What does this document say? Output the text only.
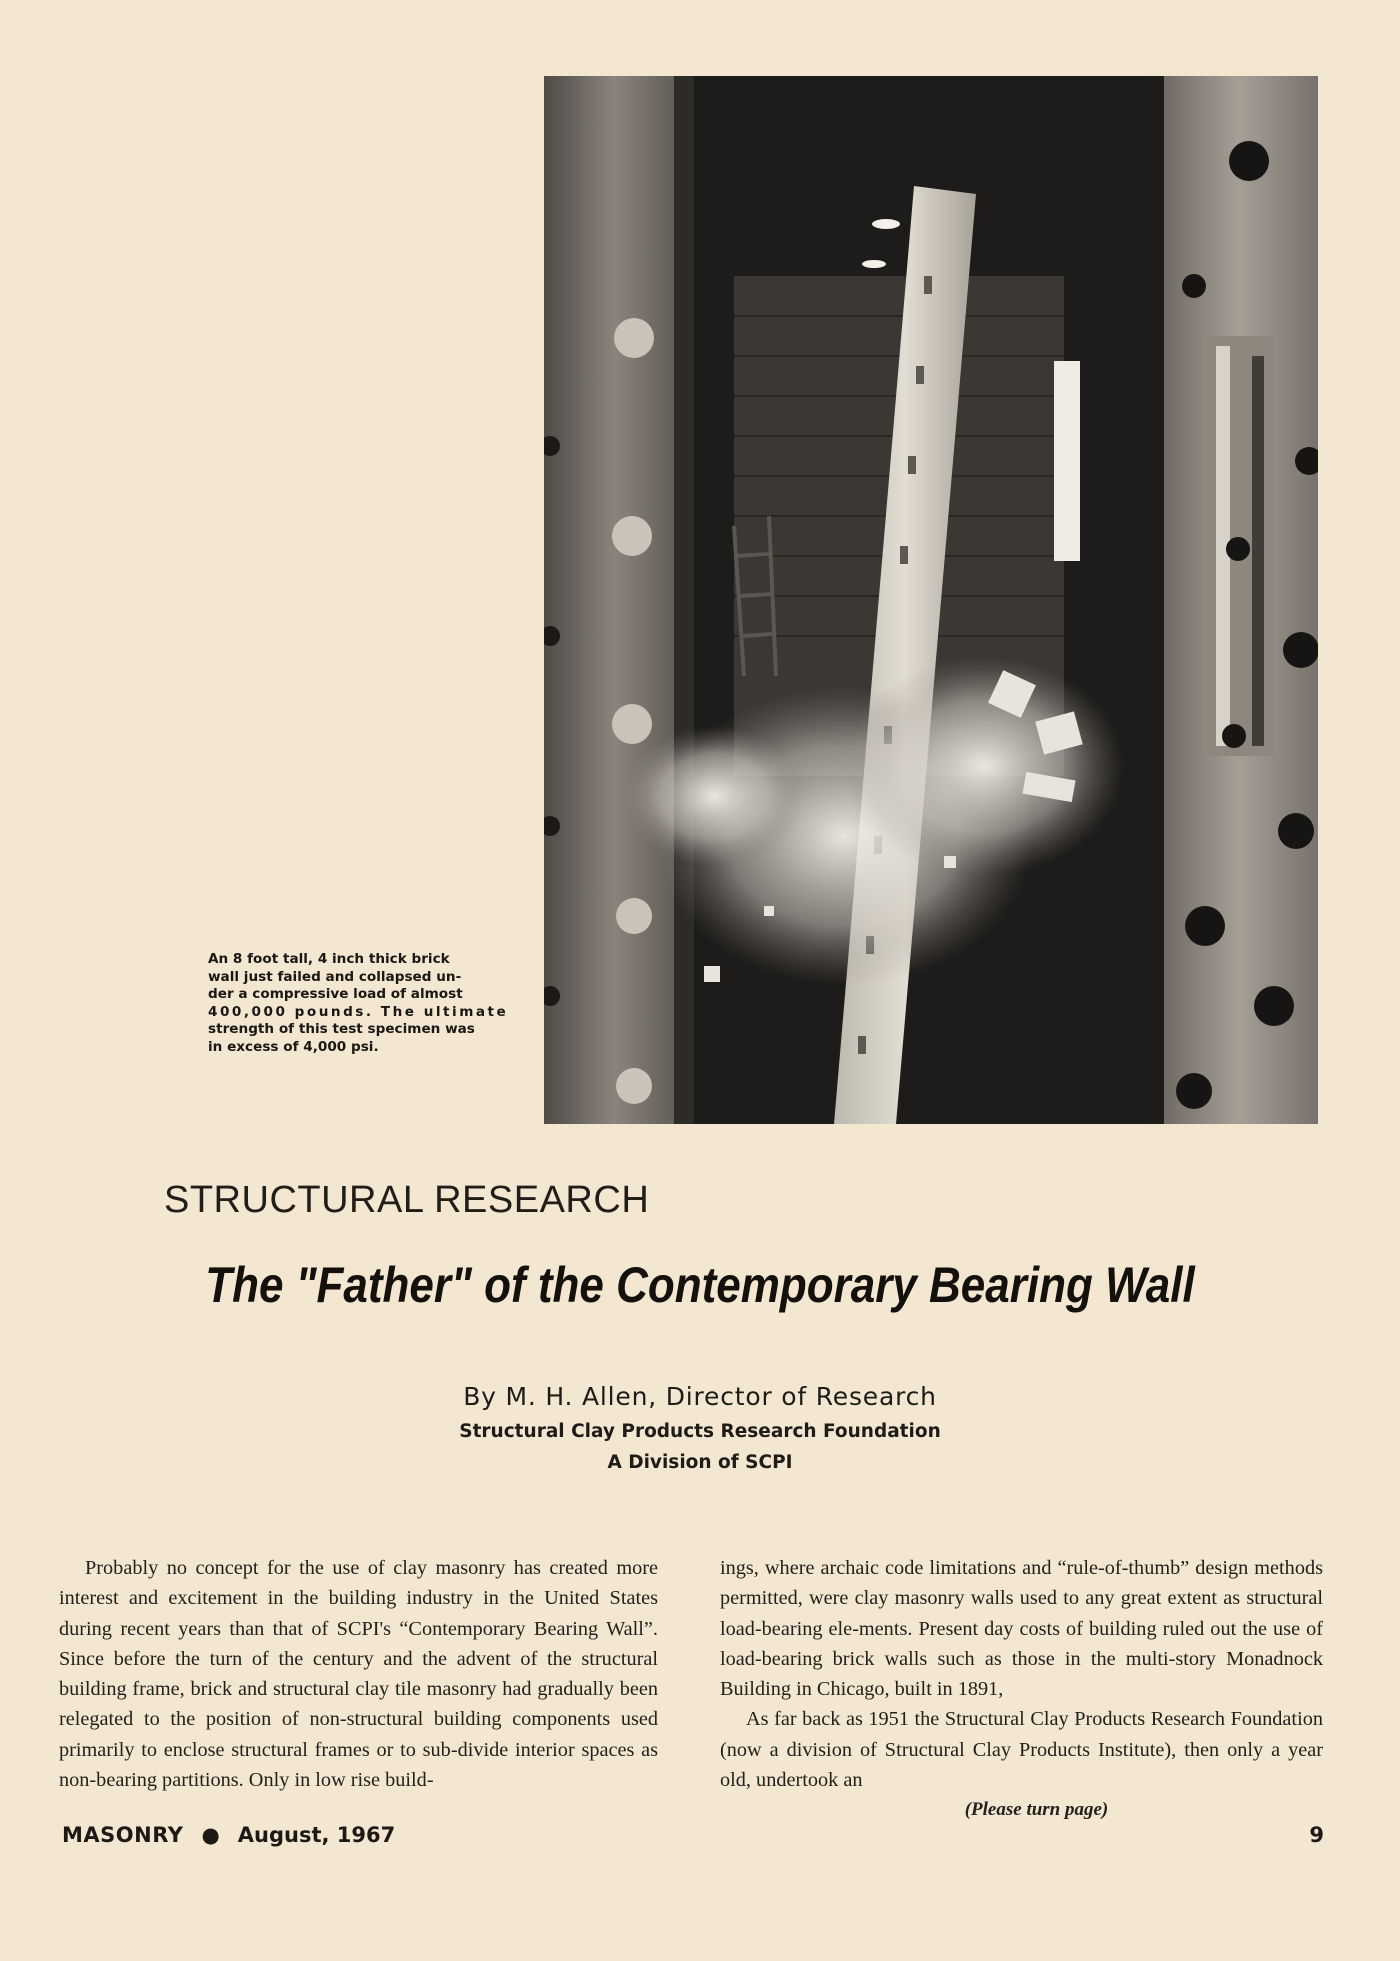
An 8 foot tall, 4 inch thick brick
wall just failed and collapsed un-
der a compressive load of almost
400,000 pounds. The ultimate
strength of this test specimen was
in excess of 4,000 psi.
STRUCTURAL RESEARCH
The "Father" of the Contemporary Bearing Wall
By M. H. Allen, Director of Research
Structural Clay Products Research Foundation
A Division of SCPI

Probably no concept for the use of clay masonry has created more interest and excitement in the building industry in the United States during recent years than that of SCPI's “Contemporary Bearing Wall”. Since before the turn of the century and the advent of the structural building frame, brick and structural clay tile masonry had gradually been relegated to the position of non-structural building components used primarily to enclose structural frames or to sub-divide interior spaces as non-bearing partitions. Only in low rise build-

ings, where archaic code limitations and “rule-of-thumb” design methods permitted, were clay masonry walls used to any great extent as structural load-bearing ele-ments. Present day costs of building ruled out the use of load-bearing brick walls such as those in the multi-story Monadnock Building in Chicago, built in 1891,

As far back as 1951 the Structural Clay Products Research Foundation (now a division of Structural Clay Products Institute), then only a year old, undertook an

(Please turn page)
MASONRY ● August, 1967	9
